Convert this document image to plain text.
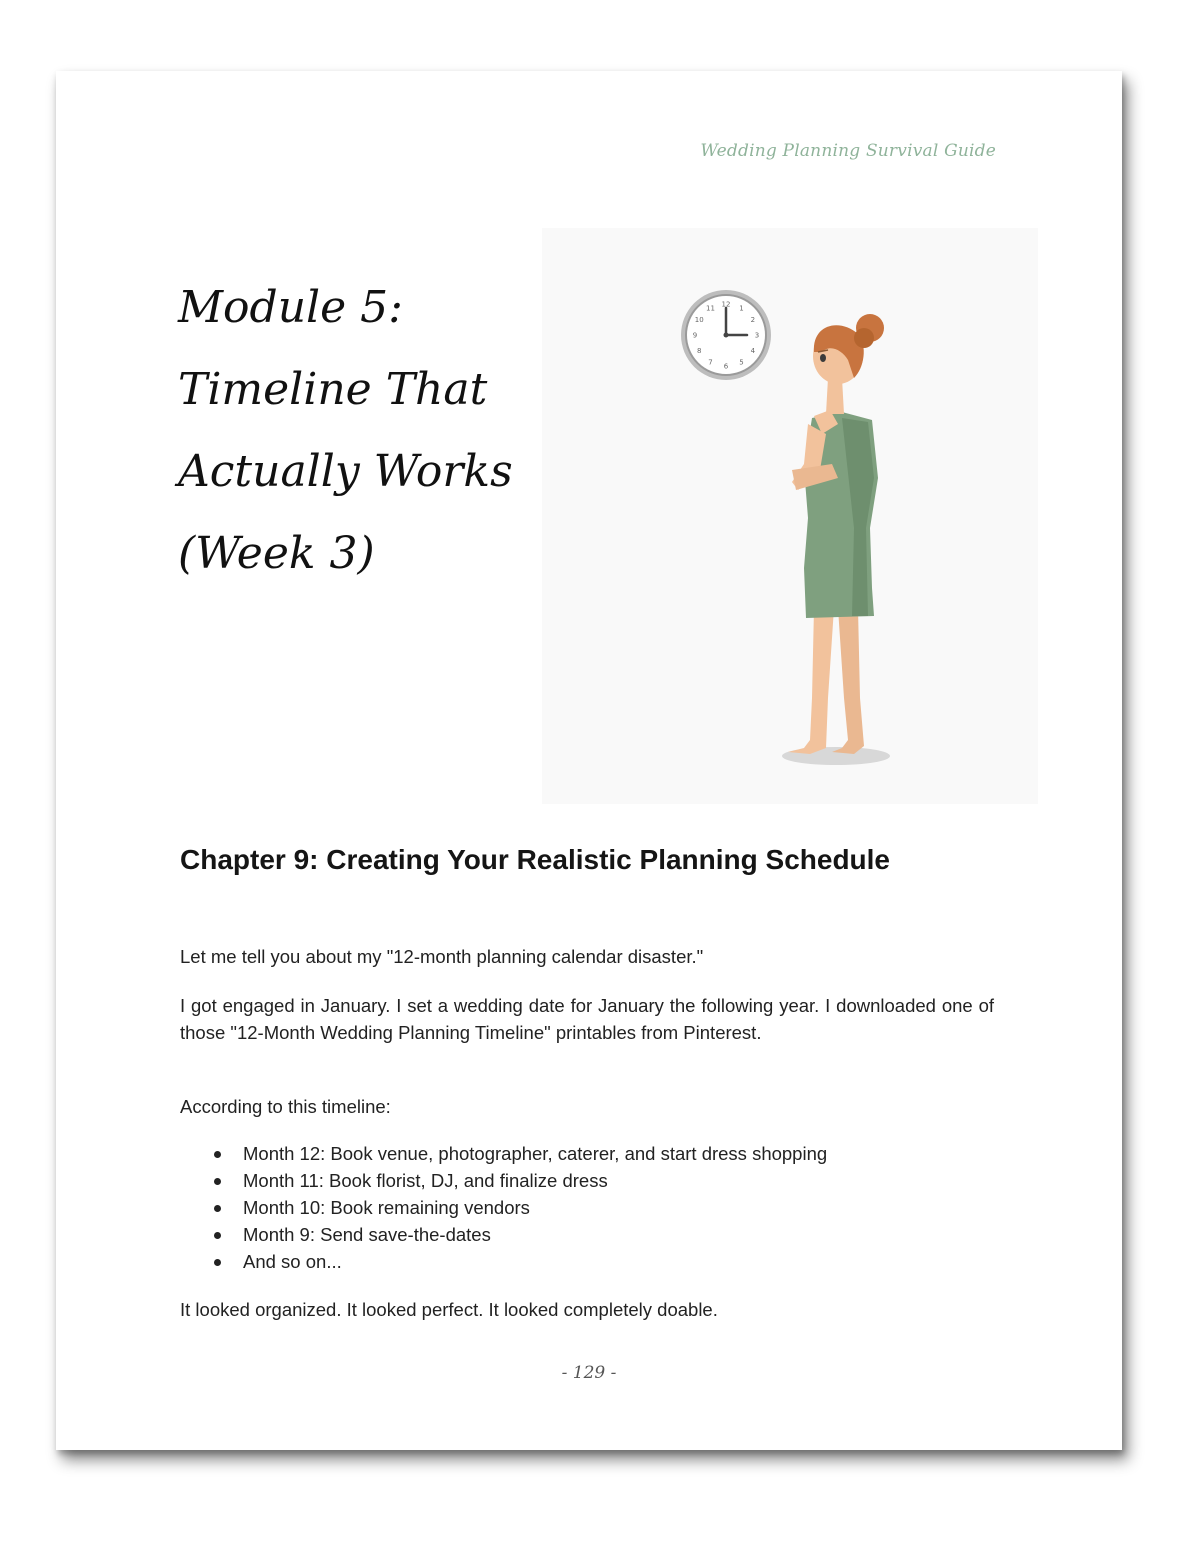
Wedding Planning Survival Guide
Module 5:
Timeline That
Actually Works
(Week 3)
12
1
2
3
4
5
6
7
8
9
10
11
Chapter 9: Creating Your Realistic Planning Schedule

Let me tell you about my "12-month planning calendar disaster."

I got engaged in January. I set a wedding date for January the following year. I downloaded one of those "12-Month Wedding Planning Timeline" printables from Pinterest.

According to this timeline:

Month 12: Book venue, photographer, caterer, and start dress shopping
Month 11: Book florist, DJ, and finalize dress
Month 10: Book remaining vendors
Month 9: Send save-the-dates
And so on...

It looked organized. It looked perfect. It looked completely doable.

- 129 -
